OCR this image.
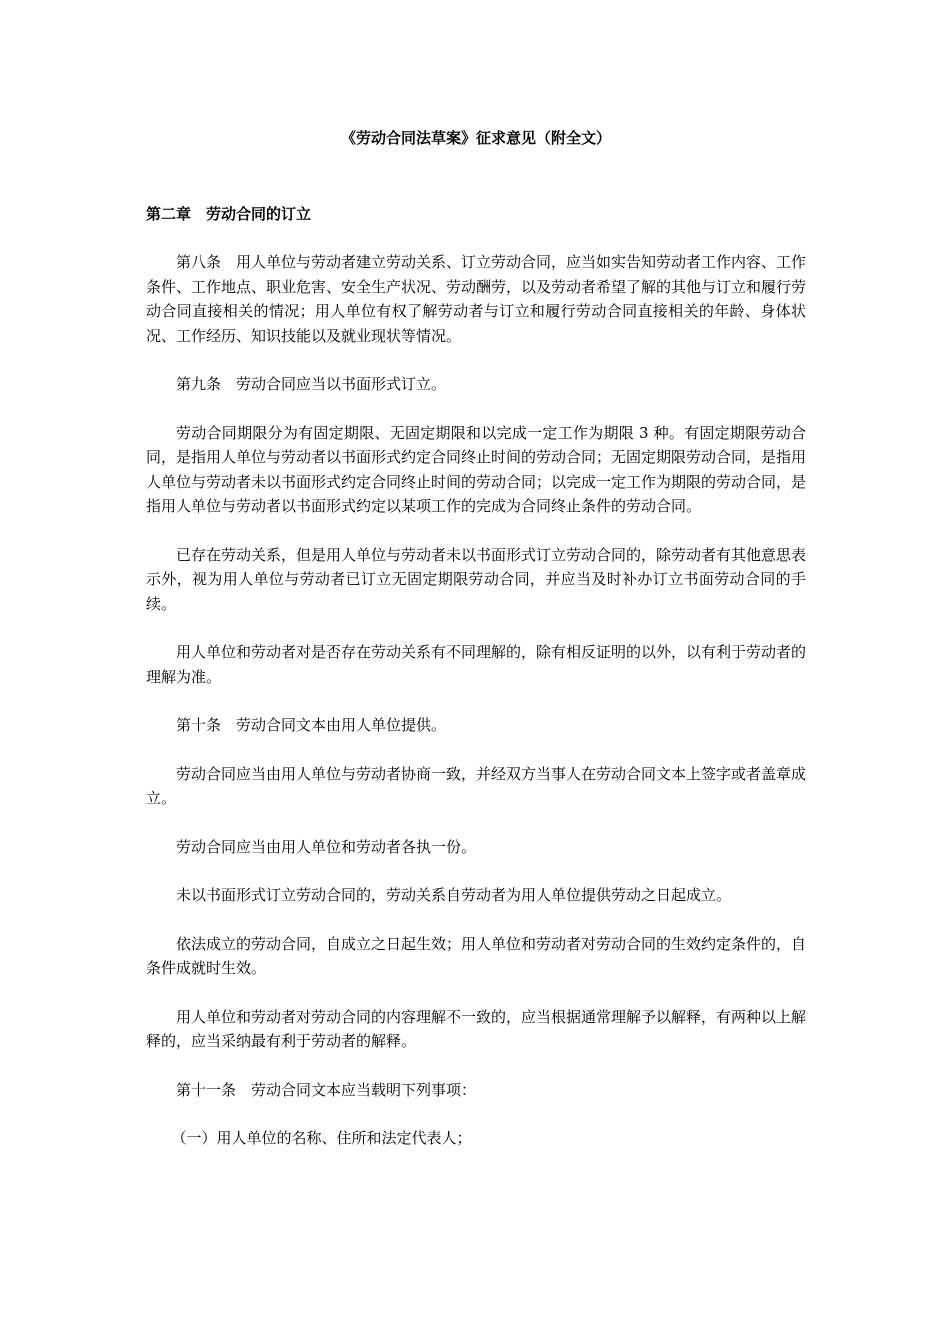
《劳动合同法草案》征求意见（附全文）
第二章　劳动合同的订立

第八条　用人单位与劳动者建立劳动关系、订立劳动合同，应当如实告知劳动者工作内容、工作条件、工作地点、职业危害、安全生产状况、劳动酬劳，以及劳动者希望了解的其他与订立和履行劳动合同直接相关的情况；用人单位有权了解劳动者与订立和履行劳动合同直接相关的年龄、身体状况、工作经历、知识技能以及就业现状等情况。

第九条　劳动合同应当以书面形式订立。

劳动合同期限分为有固定期限、无固定期限和以完成一定工作为期限 3 种。有固定期限劳动合同，是指用人单位与劳动者以书面形式约定合同终止时间的劳动合同；无固定期限劳动合同，是指用人单位与劳动者未以书面形式约定合同终止时间的劳动合同；以完成一定工作为期限的劳动合同，是指用人单位与劳动者以书面形式约定以某项工作的完成为合同终止条件的劳动合同。

已存在劳动关系，但是用人单位与劳动者未以书面形式订立劳动合同的，除劳动者有其他意思表示外，视为用人单位与劳动者已订立无固定期限劳动合同，并应当及时补办订立书面劳动合同的手续。

用人单位和劳动者对是否存在劳动关系有不同理解的，除有相反证明的以外，以有利于劳动者的理解为准。

第十条　劳动合同文本由用人单位提供。

劳动合同应当由用人单位与劳动者协商一致，并经双方当事人在劳动合同文本上签字或者盖章成立。

劳动合同应当由用人单位和劳动者各执一份。

未以书面形式订立劳动合同的，劳动关系自劳动者为用人单位提供劳动之日起成立。

依法成立的劳动合同，自成立之日起生效；用人单位和劳动者对劳动合同的生效约定条件的，自条件成就时生效。

用人单位和劳动者对劳动合同的内容理解不一致的，应当根据通常理解予以解释，有两种以上解释的，应当采纳最有利于劳动者的解释。

第十一条　劳动合同文本应当载明下列事项：

（一）用人单位的名称、住所和法定代表人；
